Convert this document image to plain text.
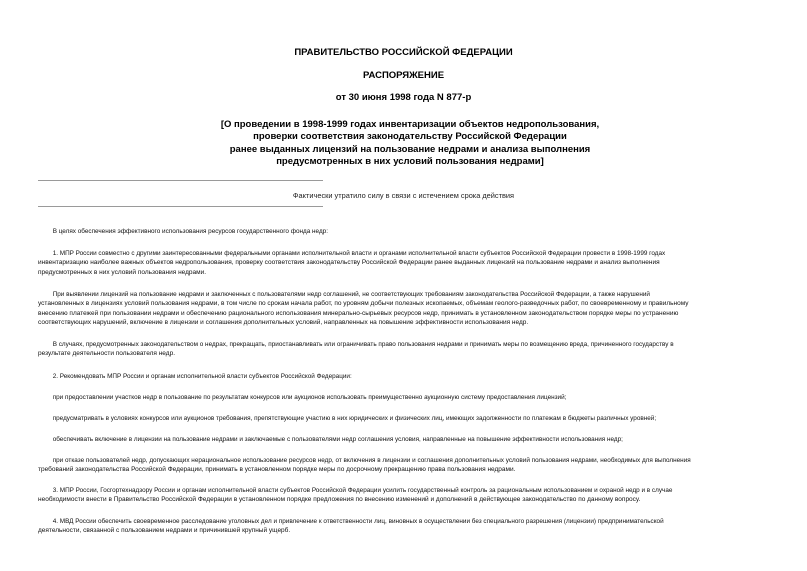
ПРАВИТЕЛЬСТВО РОССИЙСКОЙ ФЕДЕРАЦИИ
РАСПОРЯЖЕНИЕ
от 30 июня 1998 года N 877-р
[О проведении в 1998-1999 годах инвентаризации объектов недропользования,
проверки соответствия законодательству Российской Федерации
ранее выданных лицензий на пользование недрами и анализа выполнения
предусмотренных в них условий пользования недрами]
Фактически утратило силу в связи с истечением срока действия

В целях обеспечения эффективного использования ресурсов государственного фонда недр:

1. МПР России совместно с другими заинтересованными федеральными органами исполнительной власти и органами исполнительной власти субъектов Российской Федерации провести в 1998-1999 годах
инвентаризацию наиболее важных объектов недропользования, проверку соответствия законодательству Российской Федерации ранее выданных лицензий на пользование недрами и анализ выполнения
предусмотренных в них условий пользования недрами.

При выявлении лицензий на пользование недрами и заключенных с пользователями недр соглашений, не соответствующих требованиям законодательства Российской Федерации, а также нарушений
установленных в лицензиях условий пользования недрами, в том числе по срокам начала работ, по уровням добычи полезных ископаемых, объемам геолого-разведочных работ, по своевременному и правильному
внесению платежей при пользовании недрами и обеспечению рационального использования минерально-сырьевых ресурсов недр, принимать в установленном законодательством порядке меры по устранению
соответствующих нарушений, включение в лицензии и соглашения дополнительных условий, направленных на повышение эффективности использования недр.

В случаях, предусмотренных законодательством о недрах, прекращать, приостанавливать или ограничивать право пользования недрами и принимать меры по возмещению вреда, причиненного государству в
результате деятельности пользователя недр.

2. Рекомендовать МПР России и органам исполнительной власти субъектов Российской Федерации:

при предоставлении участков недр в пользование по результатам конкурсов или аукционов использовать преимущественно аукционную систему предоставления лицензий;

предусматривать в условиях конкурсов или аукционов требования, препятствующие участию в них юридических и физических лиц, имеющих задолженности по платежам в бюджеты различных уровней;

обеспечивать включение в лицензии на пользование недрами и заключаемые с пользователями недр соглашения условия, направленные на повышение эффективности использования недр;

при отказе пользователей недр, допускающих нерациональное использование ресурсов недр, от включения в лицензии и соглашения дополнительных условий пользования недрами, необходимых для выполнения
требований законодательства Российской Федерации, принимать в установленном порядке меры по досрочному прекращению права пользования недрами.

3. МПР России, Госгортехнадзору России и органам исполнительной власти субъектов Российской Федерации усилить государственный контроль за рациональным использованием и охраной недр и в случае
необходимости внести в Правительство Российской Федерации в установленном порядке предложения по внесению изменений и дополнений в действующее законодательство по данному вопросу.

4. МВД России обеспечить своевременное расследование уголовных дел и привлечение к ответственности лиц, виновных в осуществлении без специального разрешения (лицензии) предпринимательской
деятельности, связанной с пользованием недрами и причинившей крупный ущерб.
